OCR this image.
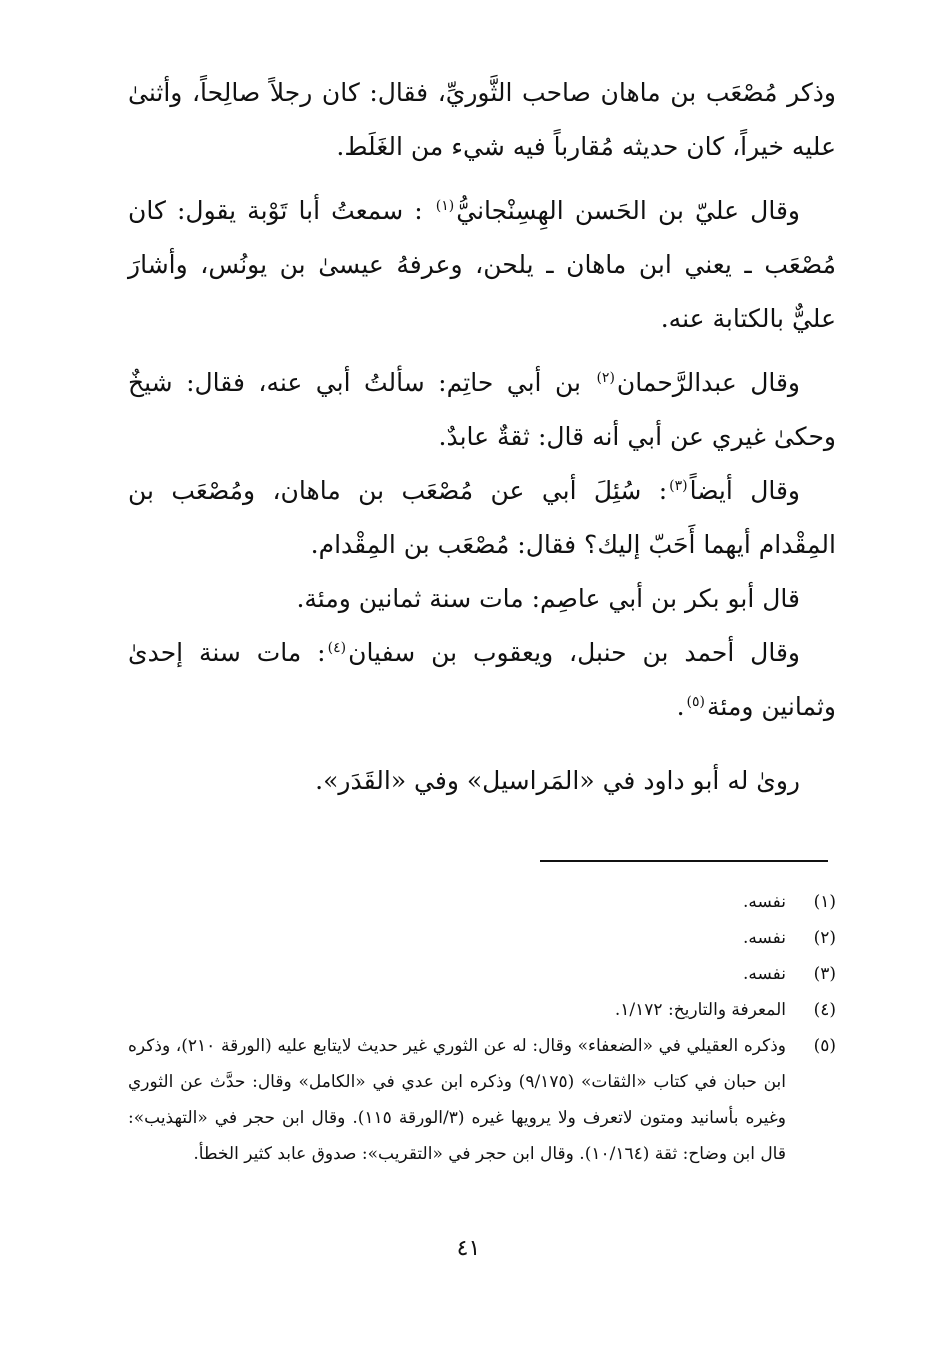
وذكر مُصْعَب بن ماهان صاحب الثَّوريِّ، فقال: كان رجلاً صالِحاً، وأثنىٰ عليه خيراً، كان حديثه مُقارباً فيه شيء من الغَلَط.

وقال عليّ بن الحَسن الهِسِنْجانيُّ$^{(١)}$ : سمعتُ أبا تَوْبة يقول: كان مُصْعَب ـ يعني ابن ماهان ـ يلحن، وعرفهُ عيسىٰ بن يونُس، وأشارَ عليٌّ بالكتابة عنه.

وقال عبدالرَّحمان$^{(٢)}$ بن أبي حاتِم: سألتُ أبي عنه، فقال: شيخٌ وحكىٰ غيري عن أبي أنه قال: ثقةٌ عابدٌ.

وقال أيضاً$^{(٣)}$: سُئِلَ أبي عن مُصْعَب بن ماهان، ومُصْعَب بن المِقْدام أيهما أَحَبّ إليك؟ فقال: مُصْعَب بن المِقْدام.

قال أبو بكر بن أبي عاصِم: مات سنة ثمانين ومئة.

وقال أحمد بن حنبل، ويعقوب بن سفيان$^{(٤)}$: مات سنة إحدىٰ وثمانين ومئة$^{(٥)}$.

روىٰ له أبو داود في «المَراسيل» وفي «القَدَر».

(١)
نفسه.
(٢)
نفسه.
(٣)
نفسه.
(٤)
المعرفة والتاريخ: ١/١٧٢.
(٥)
وذكره العقيلي في «الضعفاء» وقال: له عن الثوري غير حديث لايتابع عليه (الورقة ٢١٠)، وذكره ابن حبان في كتاب «الثقات» (٩/١٧٥) وذكره ابن عدي في «الكامل» وقال: حدَّث عن الثوري وغيره بأسانيد ومتون لاتعرف ولا يرويها غيره (٣/الورقة ١١٥). وقال ابن حجر في «التهذيب»: قال ابن وضاح: ثقة (١٠/١٦٤). وقال ابن حجر في «التقريب»: صدوق عابد كثير الخطأ.
٤١
